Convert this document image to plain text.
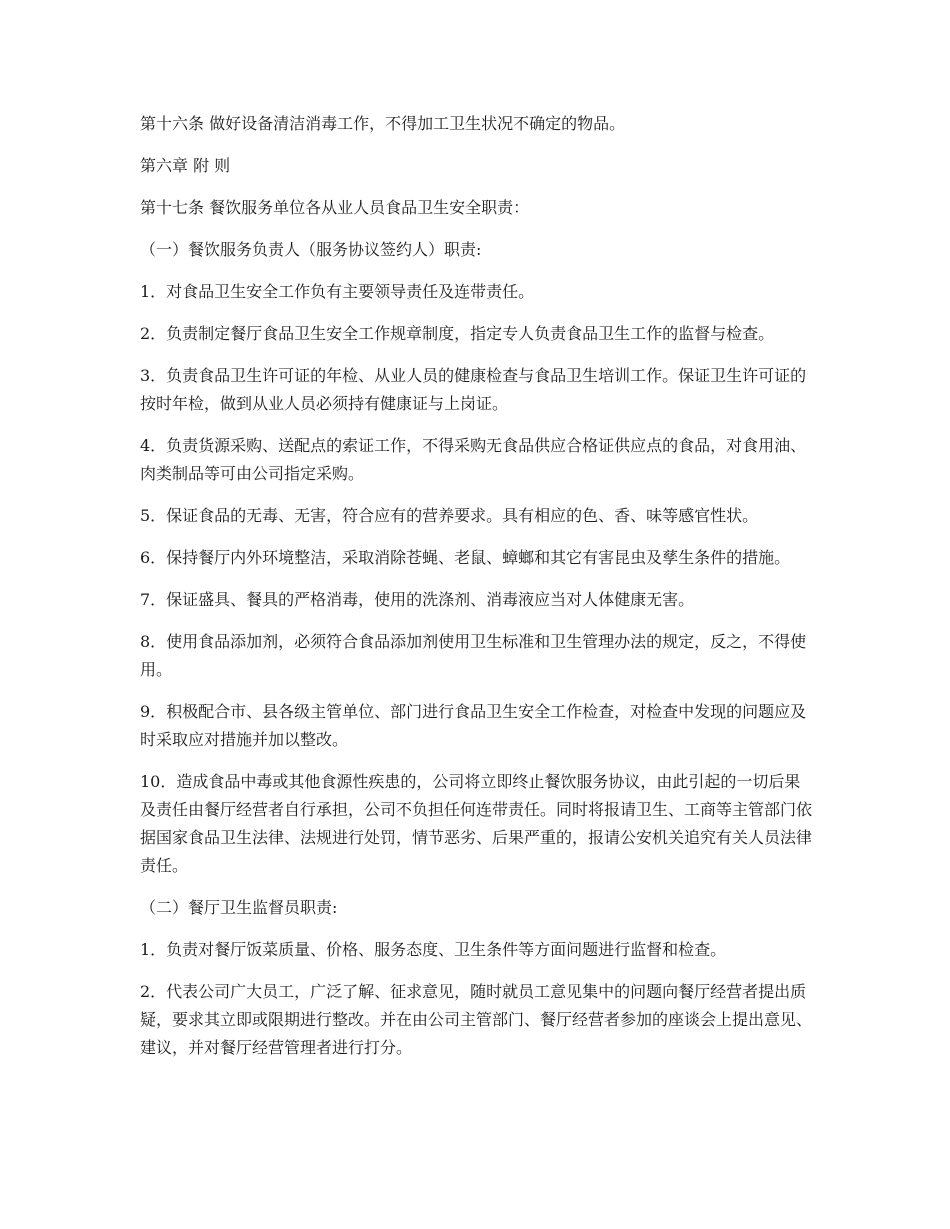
第十六条 做好设备清洁消毒工作，不得加工卫生状况不确定的物品。

第六章 附 则

第十七条 餐饮服务单位各从业人员食品卫生安全职责：

（一）餐饮服务负责人（服务协议签约人）职责:

1．对食品卫生安全工作负有主要领导责任及连带责任。

2．负责制定餐厅食品卫生安全工作规章制度，指定专人负责食品卫生工作的监督与检查。

3．负责食品卫生许可证的年检、从业人员的健康检查与食品卫生培训工作。保证卫生许可证的按时年检，做到从业人员必须持有健康证与上岗证。

4．负责货源采购、送配点的索证工作，不得采购无食品供应合格证供应点的食品，对食用油、肉类制品等可由公司指定采购。

5．保证食品的无毒、无害，符合应有的营养要求。具有相应的色、香、味等感官性状。

6．保持餐厅内外环境整洁，采取消除苍蝇、老鼠、蟑螂和其它有害昆虫及孳生条件的措施。

7．保证盛具、餐具的严格消毒，使用的洗涤剂、消毒液应当对人体健康无害。

8．使用食品添加剂，必须符合食品添加剂使用卫生标准和卫生管理办法的规定，反之，不得使用。

9．积极配合市、县各级主管单位、部门进行食品卫生安全工作检查，对检查中发现的问题应及时采取应对措施并加以整改。

10．造成食品中毒或其他食源性疾患的，公司将立即终止餐饮服务协议，由此引起的一切后果及责任由餐厅经营者自行承担，公司不负担任何连带责任。同时将报请卫生、工商等主管部门依据国家食品卫生法律、法规进行处罚，情节恶劣、后果严重的，报请公安机关追究有关人员法律责任。

（二）餐厅卫生监督员职责:

1．负责对餐厅饭菜质量、价格、服务态度、卫生条件等方面问题进行监督和检查。

2．代表公司广大员工，广泛了解、征求意见，随时就员工意见集中的问题向餐厅经营者提出质疑，要求其立即或限期进行整改。并在由公司主管部门、餐厅经营者参加的座谈会上提出意见、建议，并对餐厅经营管理者进行打分。
